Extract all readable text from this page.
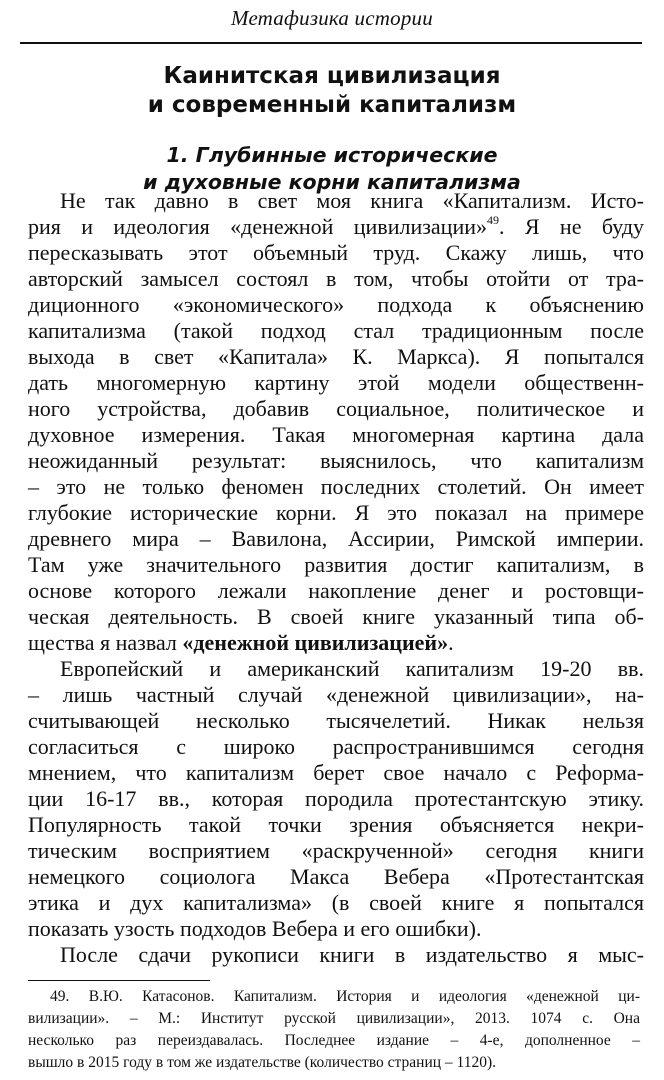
Метафизика истории
Каинитская цивилизация
и современный капитализм
1. Глубинные исторические
и духовные корни капитализма
Не так давно в свет моя книга «Капитализм. Исто-
рия и идеология «денежной цивилизации»$^{49}$. Я не буду
пересказывать этот объемный труд. Скажу лишь, что
авторский замысел состоял в том, чтобы отойти от тра-
диционного «экономического» подхода к объяснению
капитализма (такой подход стал традиционным после
выхода в свет «Капитала» К. Маркса). Я попытался
дать многомерную картину этой модели общественн-
ного устройства, добавив социальное, политическое и
духовное измерения. Такая многомерная картина дала
неожиданный результат: выяснилось, что капитализм
– это не только феномен последних столетий. Он имеет
глубокие исторические корни. Я это показал на примере
древнего мира – Вавилона, Ассирии, Римской империи.
Там уже значительного развития достиг капитализм, в
основе которого лежали накопление денег и ростовщи-
ческая деятельность. В своей книге указанный типа об-
щества я назвал «денежной цивилизацией».
Европейский и американский капитализм 19-20 вв.
– лишь частный случай «денежной цивилизации», на-
считывающей несколько тысячелетий. Никак нельзя
согласиться с широко распространившимся сегодня
мнением, что капитализм берет свое начало с Реформа-
ции 16-17 вв., которая породила протестантскую этику.
Популярность такой точки зрения объясняется некри-
тическим восприятием «раскрученной» сегодня книги
немецкого социолога Макса Вебера «Протестантская
этика и дух капитализма» (в своей книге я попытался
показать узость подходов Вебера и его ошибки).
После сдачи рукописи книги в издательство я мыс-
49. В.Ю. Катасонов. Капитализм. История и идеология «денежной ци-
вилизации». – М.: Институт русской цивилизации», 2013. 1074 с. Она
несколько раз переиздавалась. Последнее издание – 4-е, дополненное –
вышло в 2015 году в том же издательстве (количество страниц – 1120).
